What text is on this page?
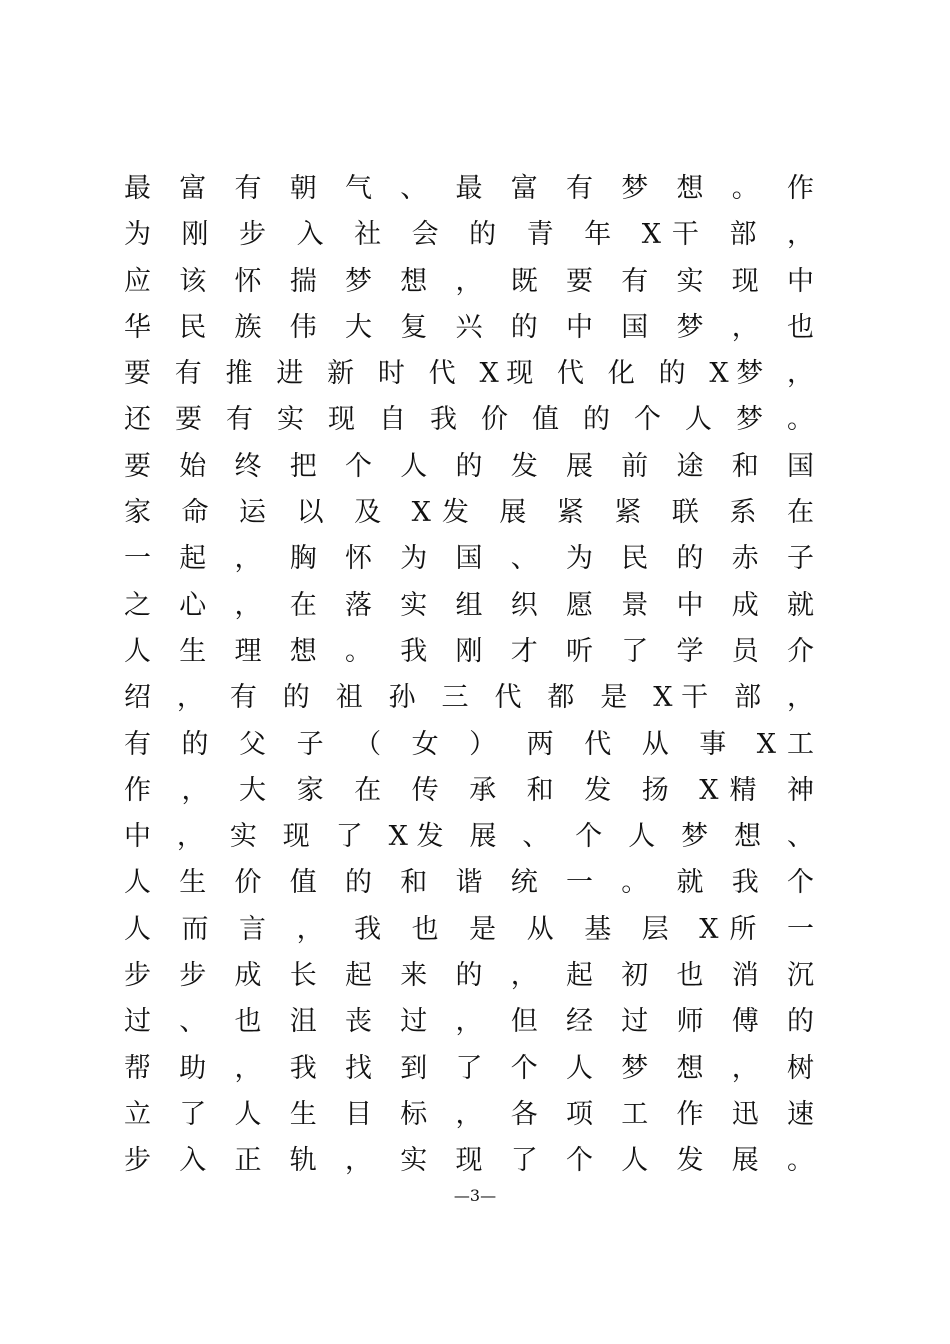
最 富 有 朝 气 、 最 富 有 梦 想 。 作
为 刚 步 入 社 会 的 青 年 X干 部 ，
应 该 怀 揣 梦 想 ， 既 要 有 实 现 中
华 民 族 伟 大 复 兴 的 中 国 梦 ， 也
要 有 推 进 新 时 代 X现 代 化 的 X梦 ，
还 要 有 实 现 自 我 价 值 的 个 人 梦 。
要 始 终 把 个 人 的 发 展 前 途 和 国
家 命 运 以 及 X发 展 紧 紧 联 系 在
一 起 ， 胸 怀 为 国 、 为 民 的 赤 子
之 心 ， 在 落 实 组 织 愿 景 中 成 就
人 生 理 想 。 我 刚 才 听 了 学 员 介
绍 ， 有 的 祖 孙 三 代 都 是 X干 部 ，
有 的 父 子 （ 女 ） 两 代 从 事 X工
作 ， 大 家 在 传 承 和 发 扬 X精 神
中 ， 实 现 了 X发 展 、 个 人 梦 想 、
人 生 价 值 的 和 谐 统 一 。 就 我 个
人 而 言 ， 我 也 是 从 基 层 X所 一
步 步 成 长 起 来 的 ， 起 初 也 消 沉
过 、 也 沮 丧 过 ， 但 经 过 师 傅 的
帮 助 ， 我 找 到 了 个 人 梦 想 ， 树
立 了 人 生 目 标 ， 各 项 工 作 迅 速
步 入 正 轨 ， 实 现 了 个 人 发 展 。
—3—
